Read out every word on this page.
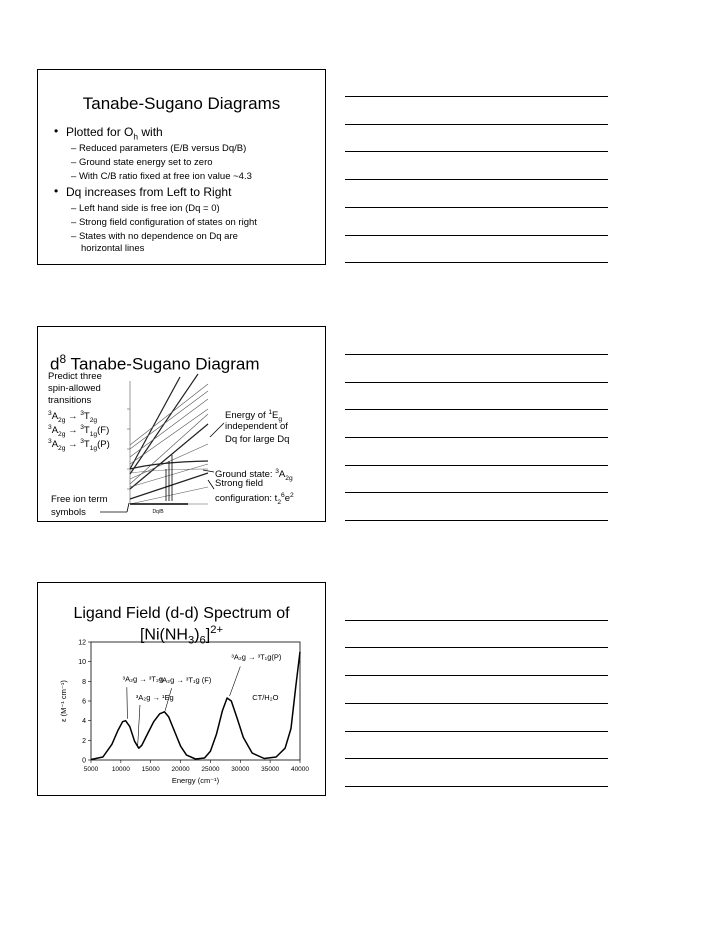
Tanabe-Sugano Diagrams
• Plotted for $O_h$ with
– Reduced parameters (E/B versus Dq/B)
– Ground state energy set to zero
– With C/B ratio fixed at free ion value ~4.3
• Dq increases from Left to Right
– Left hand side is free ion (Dq = 0)
– Strong field configuration of states on right
– States with no dependence on Dq are
horizontal lines
$d^8$ Tanabe-Sugano Diagram
Predict three
spin-allowed
transitions
$^3A_{2g} \to ^3T_{2g}$
$^3A_{2g} \to ^3T_{1g}(F)$
$^3A_{2g} \to ^3T_{1g}(P)$
Dq/B
Energy of $^1E_g$
independent of
Dq for large Dq
Ground state: $^3A_{2g}$
Strong field
configuration: $t_2^6e^2$
Free ion term
symbols
Ligand Field (d-d) Spectrum of
$[Ni(NH_3)_6]^{2+}$
0
2
4
6
8
10
12
5000 10000 15000 20000 25000 30000 35000 40000
Energy (cm⁻¹)
ε (M⁻¹ cm⁻¹)
³A₂g → ³T₂g
³A₂g → ¹Eg
³A₂g → ³T₁g (F)
³A₂g → ³T₁g(P)
CT/H₂O
